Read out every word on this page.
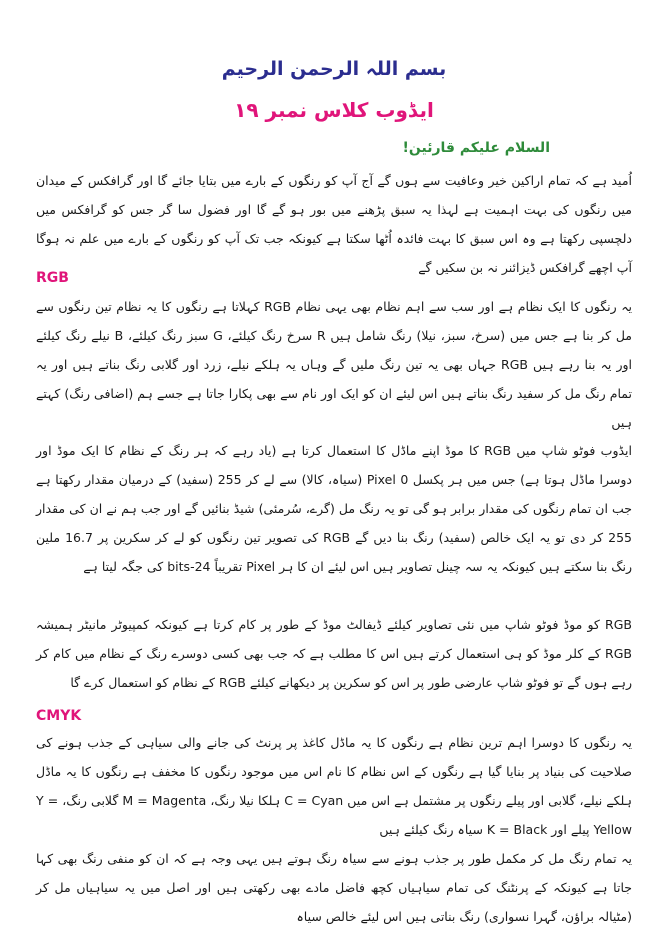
بسم اللہ الرحمن الرحیم
ایڈوب کلاس نمبر ۱۹
السلام علیکم قارئین!

اُمید ہے کہ تمام اراکین خیر وعافیت سے ہوں گے آج آپ کو رنگوں کے بارے میں بتایا جائے گا اور گرافکس کے میدان میں رنگوں کی بہت اہمیت ہے لہذا یہ سبق پڑھنے میں بور ہو گے گا اور فضول سا گر جس کو گرافکس میں دلچسپی رکھتا ہے وہ اس سبق کا بہت فائدہ اُٹھا سکتا ہے کیونکہ جب تک آپ کو رنگوں کے بارے میں علم نہ ہوگا آپ اچھے گرافکس ڈیزائنر نہ بن سکیں گے

RGB

یہ رنگوں کا ایک نظام ہے اور سب سے اہم نظام بھی یہی نظام RGB کہلاتا ہے رنگوں کا یہ نظام تین رنگوں سے مل کر بنا ہے جس میں (سرخ، سبز، نیلا) رنگ شامل ہیں R سرخ رنگ کیلئے، G سبز رنگ کیلئے، B نیلے رنگ کیلئے اور یہ بنا رہے ہیں RGB جہاں بھی یہ تین رنگ ملیں گے وہاں یہ ہلکے نیلے، زرد اور گلابی رنگ بناتے ہیں اور یہ تمام رنگ مل کر سفید رنگ بناتے ہیں اس لیئے ان کو ایک اور نام سے بھی پکارا جاتا ہے جسے ہم (اضافی رنگ) کہتے ہیں

ایڈوب فوٹو شاپ میں RGB کا موڈ اپنے ماڈل کا استعمال کرتا ہے (یاد رہے کہ ہر رنگ کے نظام کا ایک موڈ اور دوسرا ماڈل ہوتا ہے) جس میں ہر پکسل Pixel 0 (سیاہ، کالا) سے لے کر 255 (سفید) کے درمیان مقدار رکھتا ہے جب ان تمام رنگوں کی مقدار برابر ہو گی تو یہ رنگ مل (گرے، سُرمئی) شیڈ بنائیں گے اور جب ہم نے ان کی مقدار 255 کر دی تو یہ ایک خالص (سفید) رنگ بنا دیں گے RGB کی تصویر تین رنگوں کو لے کر سکرین پر 16.7 ملین رنگ بنا سکتے ہیں کیونکہ یہ سہ چینل تصاویر ہیں اس لیئے ان کا ہر Pixel تقریباً 24-bits کی جگہ لیتا ہے

RGB کو موڈ فوٹو شاپ میں نئی تصاویر کیلئے ڈیفالٹ موڈ کے طور پر کام کرتا ہے کیونکہ کمپیوٹر مانیٹر ہمیشہ RGB کے کلر موڈ کو ہی استعمال کرتے ہیں اس کا مطلب ہے کہ جب بھی کسی دوسرے رنگ کے نظام میں کام کر رہے ہوں گے تو فوٹو شاپ عارضی طور پر اس کو سکرین پر دیکھانے کیلئے RGB کے نظام کو استعمال کرے گا

CMYK

یہ رنگوں کا دوسرا اہم ترین نظام ہے رنگوں کا یہ ماڈل کاغذ پر پرنٹ کی جانے والی سیاہی کے جذب ہونے کی صلاحیت کی بنیاد پر بنایا گیا ہے رنگوں کے اس نظام کا نام اس میں موجود رنگوں کا مخفف ہے رنگوں کا یہ ماڈل ہلکے نیلے، گلابی اور پیلے رنگوں پر مشتمل ہے اس میں C = Cyan ہلکا نیلا رنگ، M = Magenta گلابی رنگ، Y = Yellow پیلے اور K = Black سیاہ رنگ کیلئے ہیں

یہ تمام رنگ مل کر مکمل طور پر جذب ہونے سے سیاہ رنگ ہوتے ہیں یہی وجہ ہے کہ ان کو منفی رنگ بھی کہا جاتا ہے کیونکہ کے پرنٹنگ کی تمام سیاہیاں کچھ فاضل مادے بھی رکھتی ہیں اور اصل میں یہ سیاہیاں مل کر (مٹیالہ براؤن، گہرا نسواری) رنگ بناتی ہیں اس لیئے خالص سیاہ
